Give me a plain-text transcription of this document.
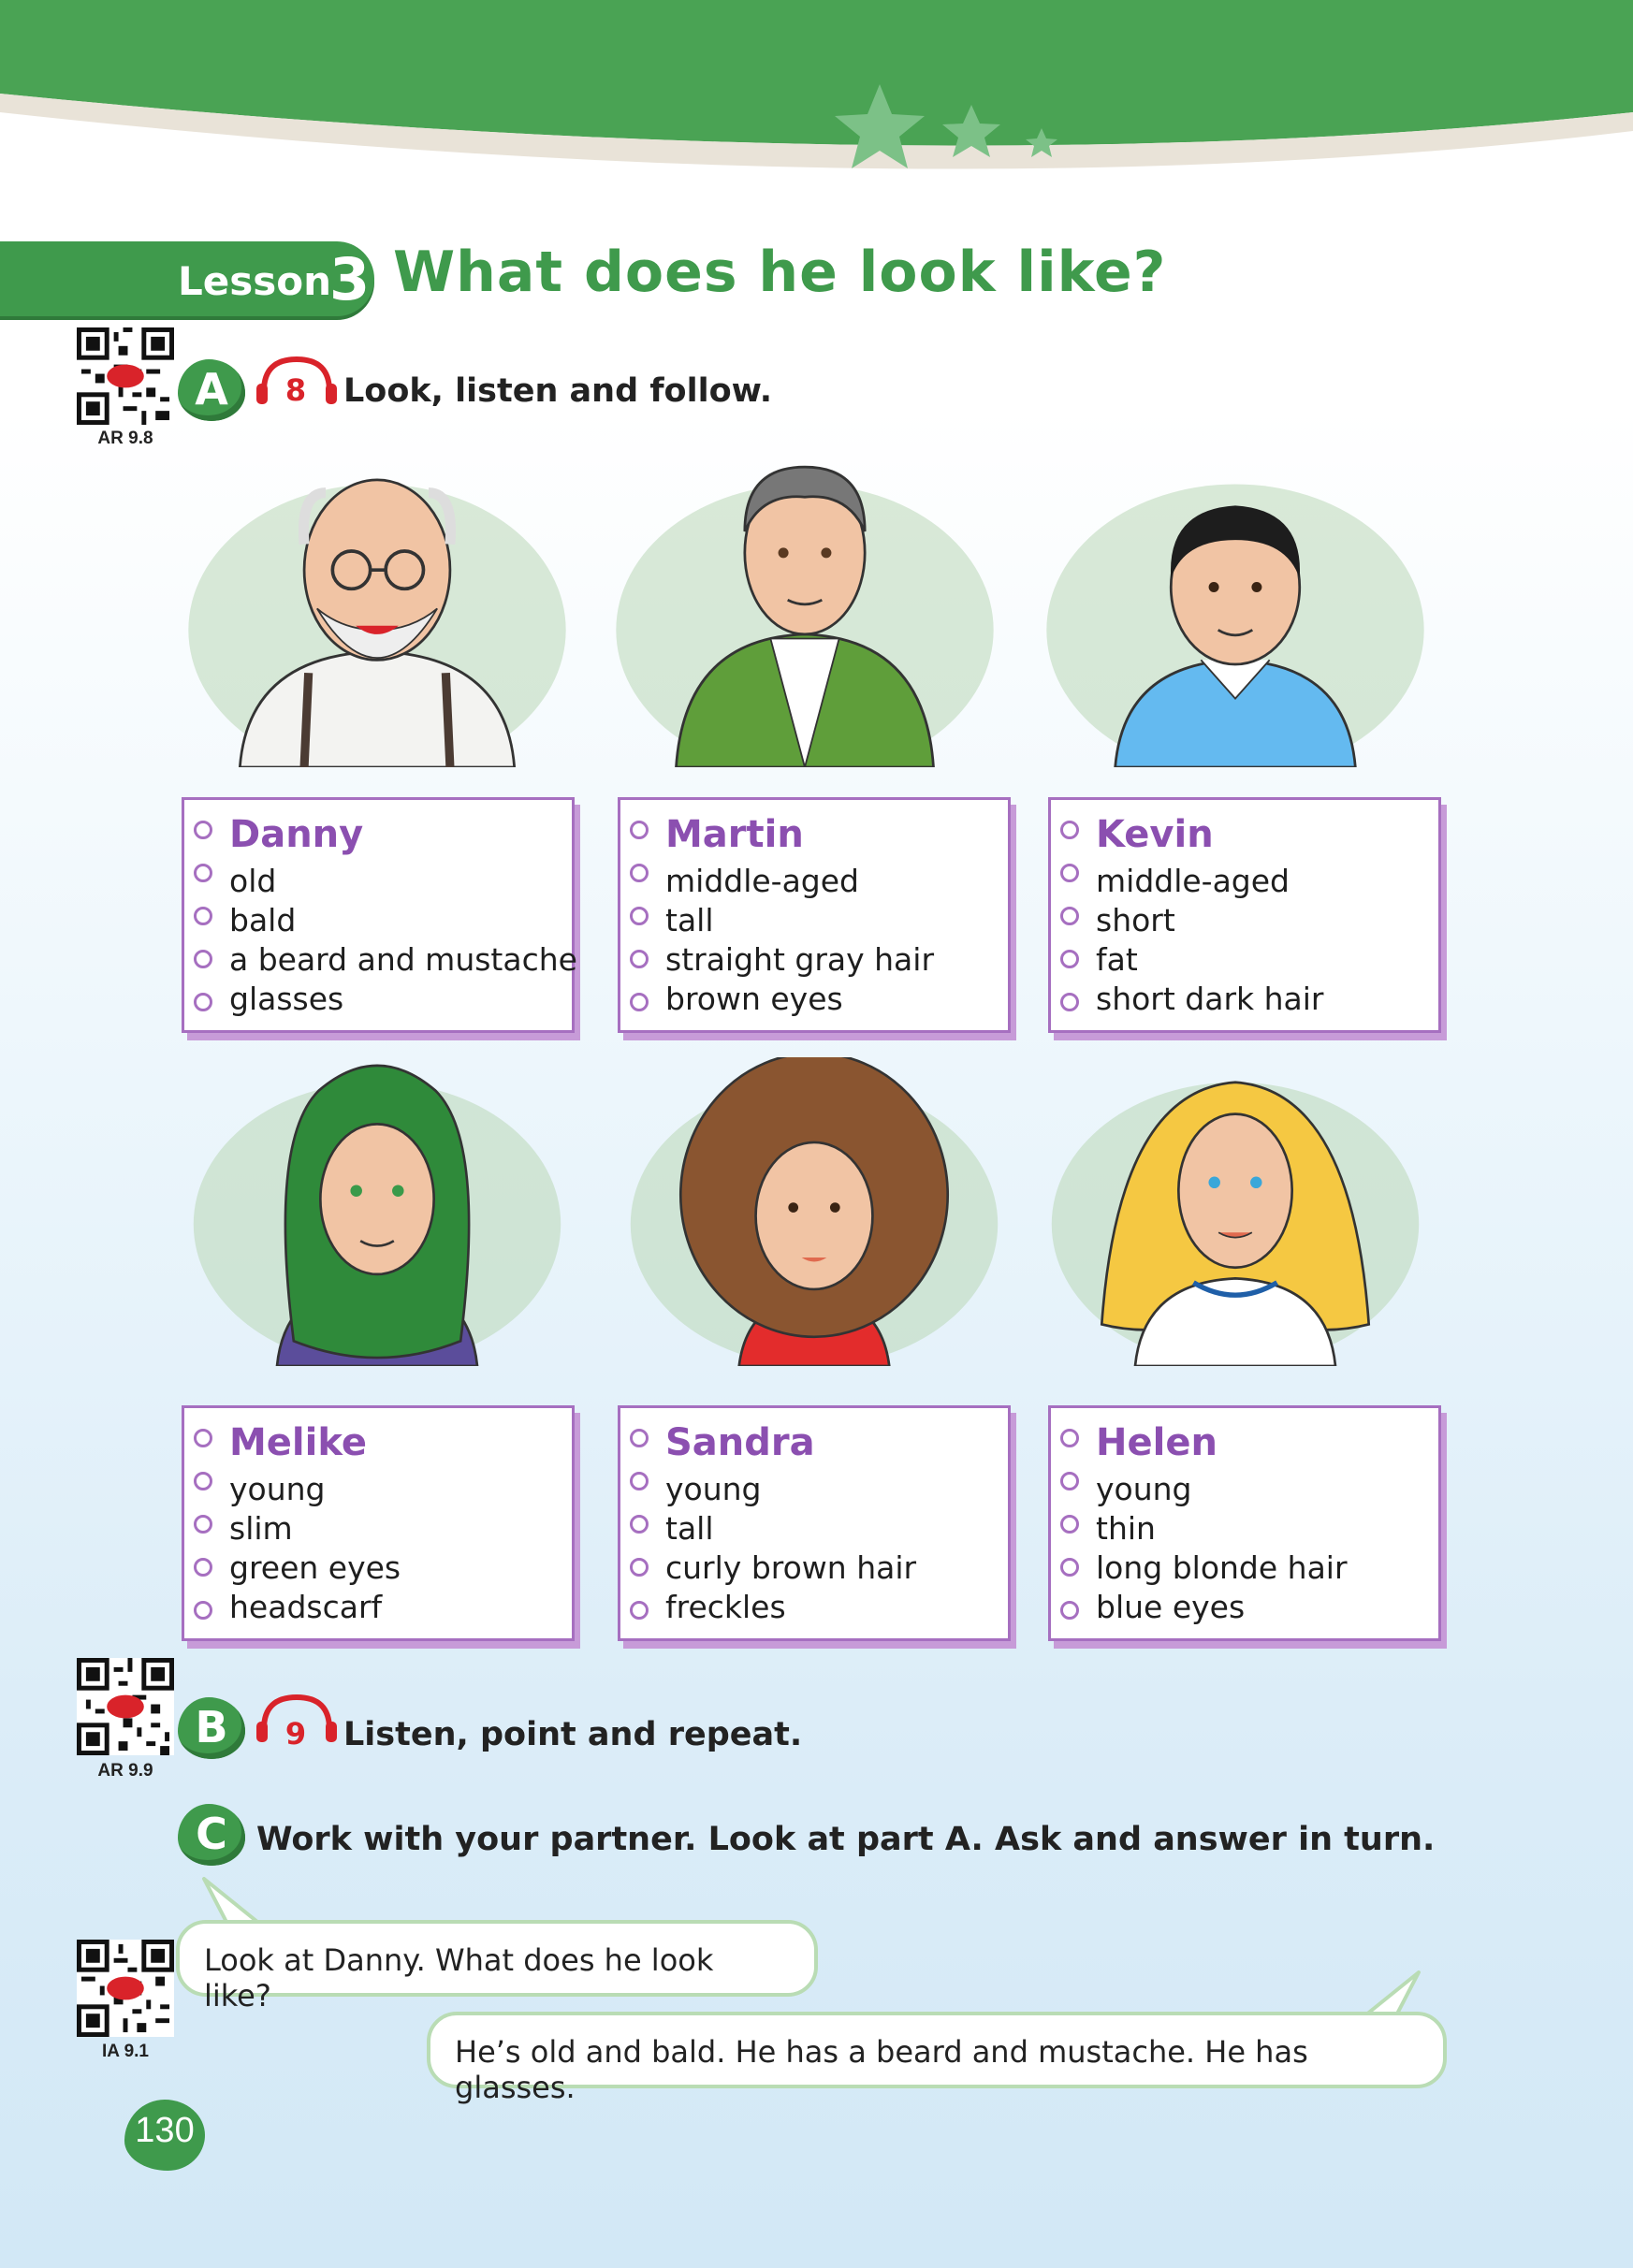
Lesson
3 What does he look like?
AR 9.8
A	8 Look, listen and follow.
Danny
old
bald
a beard and mustache
glasses
Martin
middle-aged
tall
straight gray hair
brown eyes
Kevin
middle-aged
short
fat
short dark hair
Melike
young
slim
green eyes
headscarf
Sandra
young
tall
curly brown hair
freckles
Helen
young
thin
long blonde hair
blue eyes
AR 9.9
B	9 Listen, point and repeat.
C Work with your partner. Look at part A. Ask and answer in turn.
IA 9.1
Look at Danny. What does he look like?
He’s old and bald. He has a beard and mustache. He has glasses.
130
